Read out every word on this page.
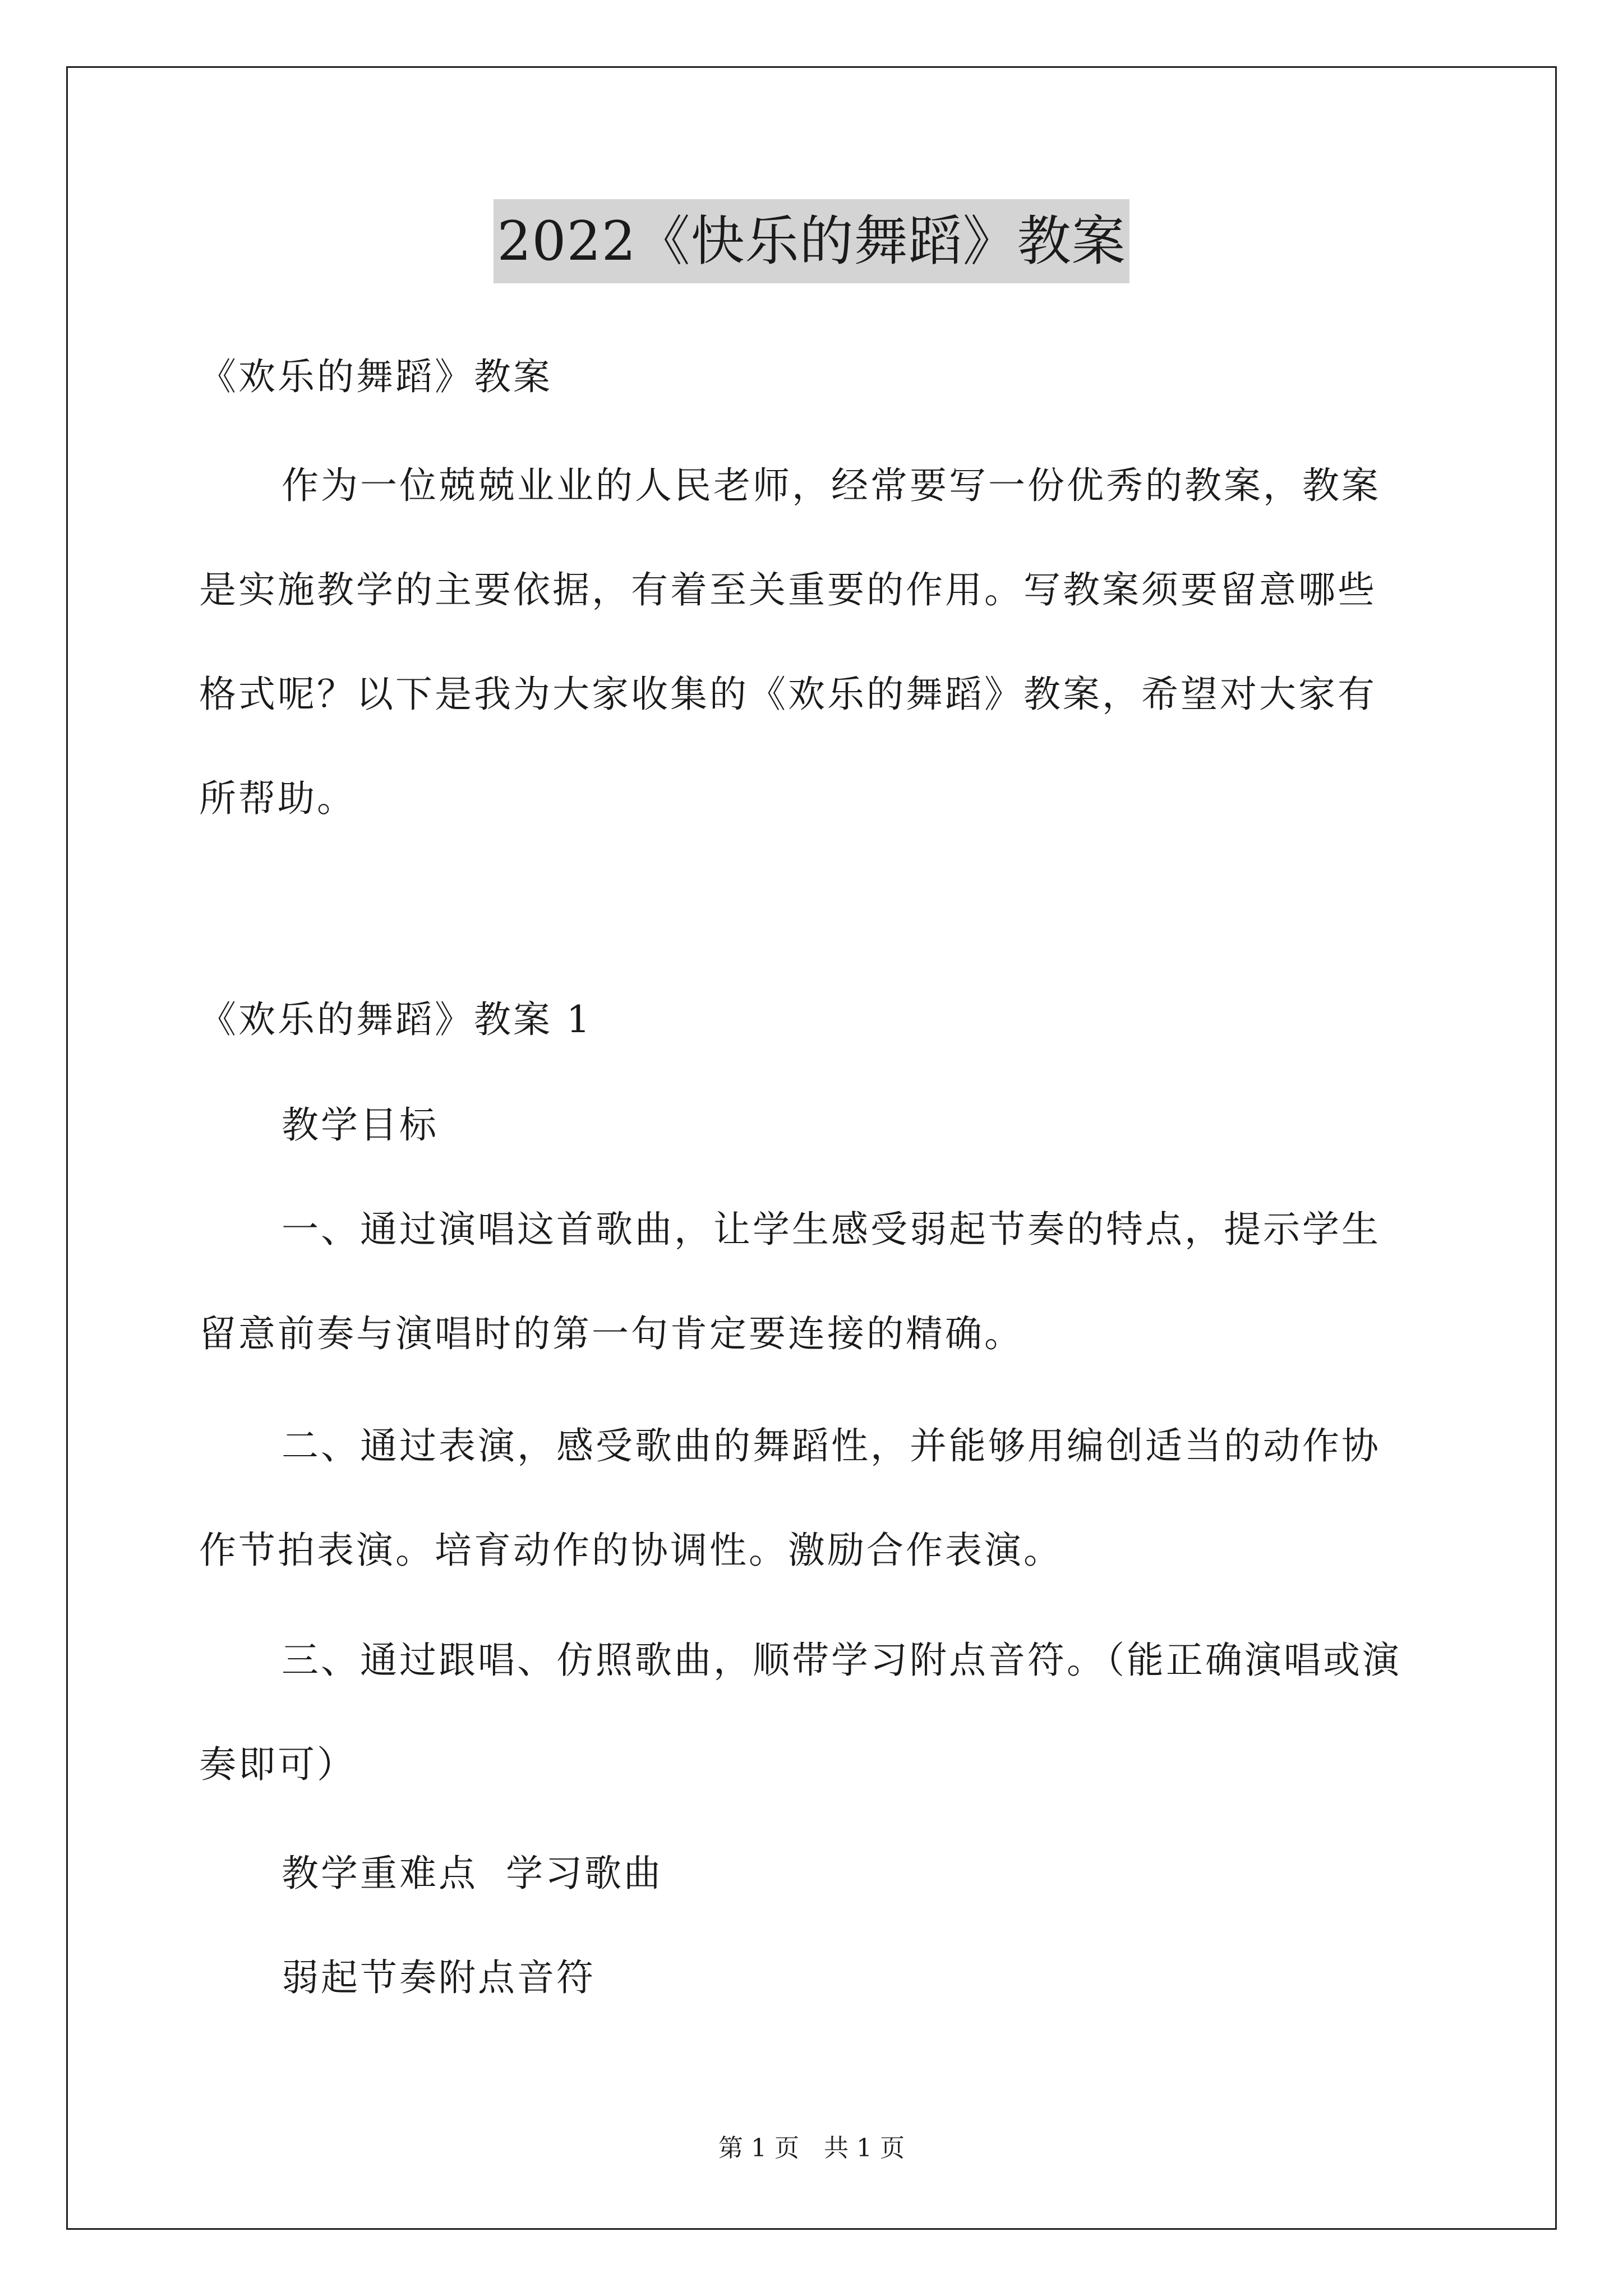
2022《快乐的舞蹈》教案
《欢乐的舞蹈》教案
作为一位兢兢业业的人民老师，经常要写一份优秀的教案，教案
是实施教学的主要依据，有着至关重要的作用。写教案须要留意哪些
格式呢？以下是我为大家收集的《欢乐的舞蹈》教案，希望对大家有
所帮助。
《欢乐的舞蹈》教案 1
教学目标
一、通过演唱这首歌曲，让学生感受弱起节奏的特点，提示学生
留意前奏与演唱时的第一句肯定要连接的精确。
二、通过表演，感受歌曲的舞蹈性，并能够用编创适当的动作协
作节拍表演。培育动作的协调性。激励合作表演。
三、通过跟唱、仿照歌曲，顺带学习附点音符。（能正确演唱或演
奏即可）
教学重难点  学习歌曲
弱起节奏附点音符
第 1 页　共 1 页
